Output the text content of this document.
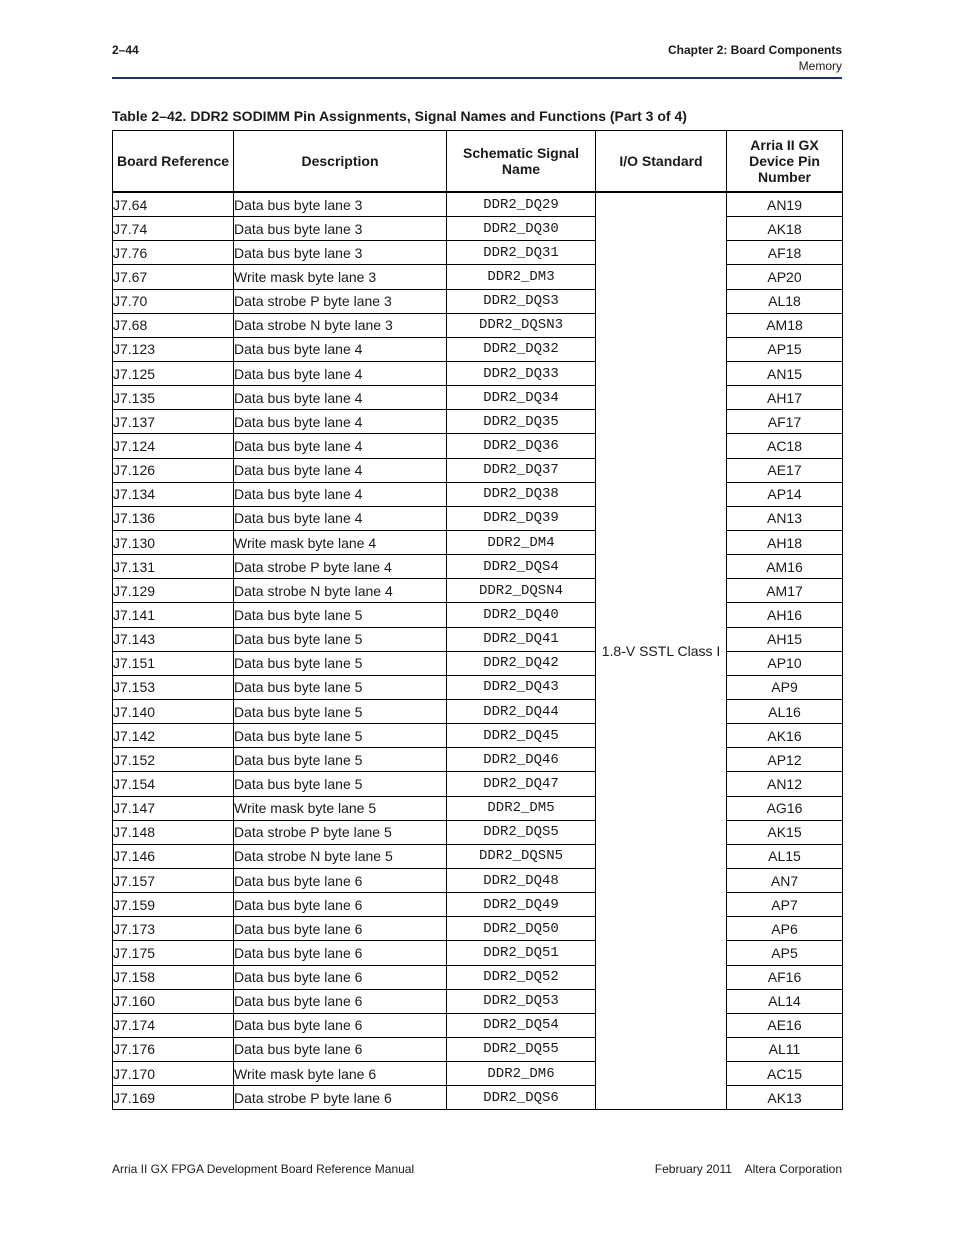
2–44	Chapter 2: Board Components
Memory
Table 2–42. DDR2 SODIMM Pin Assignments, Signal Names and Functions (Part 3 of 4)
Board Reference	Description	Schematic Signal Name	I/O Standard	Arria II GX Device Pin Number
J7.64	Data bus byte lane 3	DDR2_DQ29	1.8-V SSTL Class I	AN19
J7.74	Data bus byte lane 3	DDR2_DQ30		AK18
J7.76	Data bus byte lane 3	DDR2_DQ31		AF18
J7.67	Write mask byte lane 3	DDR2_DM3		AP20
J7.70	Data strobe P byte lane 3	DDR2_DQS3		AL18
J7.68	Data strobe N byte lane 3	DDR2_DQSN3		AM18
J7.123	Data bus byte lane 4	DDR2_DQ32		AP15
J7.125	Data bus byte lane 4	DDR2_DQ33		AN15
J7.135	Data bus byte lane 4	DDR2_DQ34		AH17
J7.137	Data bus byte lane 4	DDR2_DQ35		AF17
J7.124	Data bus byte lane 4	DDR2_DQ36		AC18
J7.126	Data bus byte lane 4	DDR2_DQ37		AE17
J7.134	Data bus byte lane 4	DDR2_DQ38		AP14
J7.136	Data bus byte lane 4	DDR2_DQ39		AN13
J7.130	Write mask byte lane 4	DDR2_DM4		AH18
J7.131	Data strobe P byte lane 4	DDR2_DQS4		AM16
J7.129	Data strobe N byte lane 4	DDR2_DQSN4		AM17
J7.141	Data bus byte lane 5	DDR2_DQ40		AH16
J7.143	Data bus byte lane 5	DDR2_DQ41		AH15
J7.151	Data bus byte lane 5	DDR2_DQ42		AP10
J7.153	Data bus byte lane 5	DDR2_DQ43		AP9
J7.140	Data bus byte lane 5	DDR2_DQ44		AL16
J7.142	Data bus byte lane 5	DDR2_DQ45		AK16
J7.152	Data bus byte lane 5	DDR2_DQ46		AP12
J7.154	Data bus byte lane 5	DDR2_DQ47		AN12
J7.147	Write mask byte lane 5	DDR2_DM5		AG16
J7.148	Data strobe P byte lane 5	DDR2_DQS5		AK15
J7.146	Data strobe N byte lane 5	DDR2_DQSN5		AL15
J7.157	Data bus byte lane 6	DDR2_DQ48		AN7
J7.159	Data bus byte lane 6	DDR2_DQ49		AP7
J7.173	Data bus byte lane 6	DDR2_DQ50		AP6
J7.175	Data bus byte lane 6	DDR2_DQ51		AP5
J7.158	Data bus byte lane 6	DDR2_DQ52		AF16
J7.160	Data bus byte lane 6	DDR2_DQ53		AL14
J7.174	Data bus byte lane 6	DDR2_DQ54		AE16
J7.176	Data bus byte lane 6	DDR2_DQ55		AL11
J7.170	Write mask byte lane 6	DDR2_DM6		AC15
J7.169	Data strobe P byte lane 6	DDR2_DQS6		AK13
Arria II GX FPGA Development Board Reference Manual	February 2011    Altera Corporation
